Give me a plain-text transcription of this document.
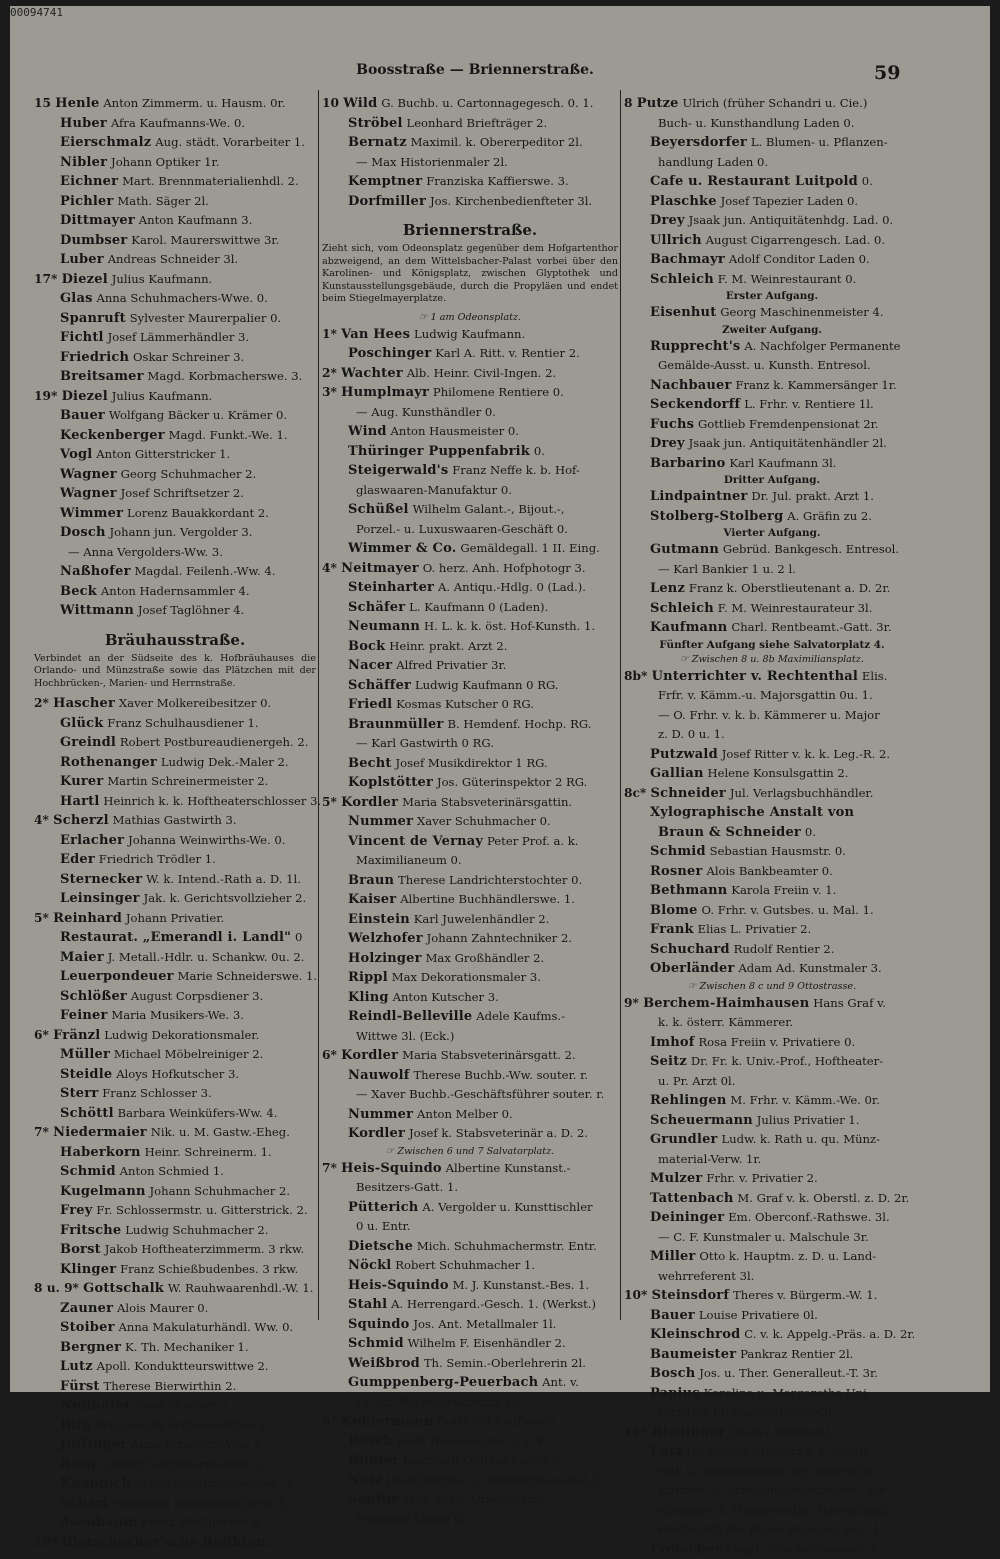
00094741
Boosstraße — Briennerstraße.	59
15 Henle Anton Zimmerm. u. Hausm. 0r.
Huber Afra Kaufmanns-We. 0.
Eierschmalz Aug. städt. Vorarbeiter 1.
Nibler Johann Optiker 1r.
Eichner Mart. Brennmaterialienhdl. 2.
Pichler Math. Säger 2l.
Dittmayer Anton Kaufmann 3.
Dumbser Karol. Maurerswittwe 3r.
Luber Andreas Schneider 3l.
17* Diezel Julius Kaufmann.
Glas Anna Schuhmachers-Wwe. 0.
Spanruft Sylvester Maurerpalier 0.
Fichtl Josef Lämmerhändler 3.
Friedrich Oskar Schreiner 3.
Breitsamer Magd. Korbmacherswe. 3.
19* Diezel Julius Kaufmann.
Bauer Wolfgang Bäcker u. Krämer 0.
Keckenberger Magd. Funkt.-We. 1.
Vogl Anton Gitterstricker 1.
Wagner Georg Schuhmacher 2.
Wagner Josef Schriftsetzer 2.
Wimmer Lorenz Bauakkordant 2.
Dosch Johann jun. Vergolder 3.
— Anna Vergolders-Ww. 3.
Naßhofer Magdal. Feilenh.-Ww. 4.
Beck Anton Hadernsammler 4.
Wittmann Josef Taglöhner 4.
Bräuhausstraße.
Verbindet an der Südseite des k. Hofbräuhauses die Orlando- und Münzstraße sowie das Plätzchen mit der Hochbrücken-, Marien- und Herrnstraße.
2* Hascher Xaver Molkereibesitzer 0.
Glück Franz Schulhausdiener 1.
Greindl Robert Postbureaudienergeh. 2.
Rothenanger Ludwig Dek.-Maler 2.
Kurer Martin Schreinermeister 2.
Hartl Heinrich k. k. Hoftheaterschlosser 3.
4* Scherzl Mathias Gastwirth 3.
Erlacher Johanna Weinwirths-We. 0.
Eder Friedrich Trödler 1.
Sternecker W. k. Intend.-Rath a. D. 1l.
Leinsinger Jak. k. Gerichtsvollzieher 2.
5* Reinhard Johann Privatier.
Restaurat. „Emerandl i. Landl" 0
Maier J. Metall.-Hdlr. u. Schankw. 0u. 2.
Leuerpondeuer Marie Schneiderswe. 1.
Schlößer August Corpsdiener 3.
Feiner Maria Musikers-We. 3.
6* Fränzl Ludwig Dekorationsmaler.
Müller Michael Möbelreiniger 2.
Steidle Aloys Hofkutscher 3.
Sterr Franz Schlosser 3.
Schöttl Barbara Weinküfers-Ww. 4.
7* Niedermaier Nik. u. M. Gastw.-Eheg.
Haberkorn Heinr. Schreinerm. 1.
Schmid Anton Schmied 1.
Kugelmann Johann Schuhmacher 2.
Frey Fr. Schlossermstr. u. Gitterstrick. 2.
Fritsche Ludwig Schuhmacher 2.
Borst Jakob Hoftheaterzimmerm. 3 rkw.
Klinger Franz Schießbudenbes. 3 rkw.
8 u. 9* Gottschalk W. Rauhwaarenhdl.-W. 1.
Zauner Alois Maurer 0.
Stoiber Anna Makulaturhändl. Ww. 0.
Bergner K. Th. Mechaniker 1.
Lutz Apoll. Konduktteurswittwe 2.
Fürst Therese Bierwirthin 2.
Nunhofer Josef Musiker 2.
Illig Margaretha Hafnerswittwe 2.
Juffinger Anna Privatiers-Ww. 2.
Berg Ludwig Schreinermeister 2.
Knappich Marie Schuhmacherswe. 3.
Scharl Franziska Blumenmacherin 3.
Asenbaum Franz Weißgerber 4.
10* Bletschacher'sche Relikten.
10 Wild G. Buchb. u. Cartonnagegesch. 0. 1.
Ströbel Leonhard Briefträger 2.
Bernatz Maximil. k. Obererpeditor 2l.
— Max Historienmaler 2l.
Kemptner Franziska Kaffierswe. 3.
Dorfmiller Jos. Kirchenbedienfteter 3l.
Briennerstraße.
Zieht sich, vom Odeonsplatz gegenüber dem Hofgartenthor abzweigend, an dem Wittelsbacher-Palast vorbei über den Karolinen- und Königsplatz, zwischen Glyptothek und Kunstausstellungsgebäude, durch die Propyläen und endet beim Stiegelmayerplatze.
☞ 1 am Odeonsplatz.
1* Van Hees Ludwig Kaufmann.
Poschinger Karl A. Ritt. v. Rentier 2.
2* Wachter Alb. Heinr. Civil-Ingen. 2.
3* Humplmayr Philomene Rentiere 0.
— Aug. Kunsthändler 0.
Wind Anton Hausmeister 0.
Thüringer Puppenfabrik 0.
Steigerwald's Franz Neffe k. b. Hof-
glaswaaren-Manufaktur 0.
Schüßel Wilhelm Galant.-, Bijout.-,
Porzel.- u. Luxuswaaren-Geschäft 0.
Wimmer & Co. Gemäldegall. 1 II. Eing.
4* Neitmayer O. herz. Anh. Hofphotogr 3.
Steinharter A. Antiqu.-Hdlg. 0 (Lad.).
Schäfer L. Kaufmann 0 (Laden).
Neumann H. L. k. k. öst. Hof-Kunsth. 1.
Bock Heinr. prakt. Arzt 2.
Nacer Alfred Privatier 3r.
Schäffer Ludwig Kaufmann 0 RG.
Friedl Kosmas Kutscher 0 RG.
Braunmüller B. Hemdenf. Hochp. RG.
— Karl Gastwirth 0 RG.
Becht Josef Musikdirektor 1 RG.
Koplstötter Jos. Güterinspektor 2 RG.
5* Kordler Maria Stabsveterinärsgattin.
Nummer Xaver Schuhmacher 0.
Vincent de Vernay Peter Prof. a. k.
Maximilianeum 0.
Braun Therese Landrichterstochter 0.
Kaiser Albertine Buchhändlerswe. 1.
Einstein Karl Juwelenhändler 2.
Welzhofer Johann Zahntechniker 2.
Holzinger Max Großhändler 2.
Rippl Max Dekorationsmaler 3.
Kling Anton Kutscher 3.
Reindl-Belleville Adele Kaufms.-
Wittwe 3l. (Eck.)
6* Kordler Maria Stabsveterinärsgatt. 2.
Nauwolf Therese Buchb.-Ww. souter. r.
— Xaver Buchb.-Geschäftsführer souter. r.
Nummer Anton Melber 0.
Kordler Josef k. Stabsveterinär a. D. 2.
☞ Zwischen 6 und 7 Salvatorplatz.
7* Heis-Squindo Albertine Kunstanst.-
Besitzers-Gatt. 1.
Pütterich A. Vergolder u. Kunsttischler
0 u. Entr.
Dietsche Mich. Schuhmachermstr. Entr.
Nöckl Robert Schuhmacher 1.
Heis-Squindo M. J. Kunstanst.-Bes. 1.
Stahl A. Herrengard.-Gesch. 1. (Werkst.)
Squindo Jos. Ant. Metallmaler 1l.
Schmid Wilhelm F. Eisenhändler 2.
Weißbrod Th. Semin.-Oberlehrerin 2l.
Gumppenberg-Peuerbach Ant. v.
Dr. jur. Rechtspraktikant 2l.
8* Kohlermann Gottfried Kaufmann.
Rösch Josef Hausmeister 0. 1. E.
Bühler Leonhard Optiker Laden 0.
Netz Josef Herren- u. Damenfriseur-Sal. 0.
Sanfue Jean Bazar Oriental und
Espagnol Laden 0.
8 Putze Ulrich (früher Schandri u. Cie.)
Buch- u. Kunsthandlung Laden 0.
Beyersdorfer L. Blumen- u. Pflanzen-
handlung Laden 0.
Cafe u. Restaurant Luitpold 0.
Plaschke Josef Tapezier Laden 0.
Drey Jsaak jun. Antiquitätenhdg. Lad. 0.
Ullrich August Cigarrengesch. Lad. 0.
Bachmayr Adolf Conditor Laden 0.
Schleich F. M. Weinrestaurant 0.
Erster Aufgang.
Eisenhut Georg Maschinenmeister 4.
Zweiter Aufgang.
Rupprecht's A. Nachfolger Permanente
Gemälde-Ausst. u. Kunsth. Entresol.
Nachbauer Franz k. Kammersänger 1r.
Seckendorff L. Frhr. v. Rentiere 1l.
Fuchs Gottlieb Fremdenpensionat 2r.
Drey Jsaak jun. Antiquitätenhändler 2l.
Barbarino Karl Kaufmann 3l.
Dritter Aufgang.
Lindpaintner Dr. Jul. prakt. Arzt 1.
Stolberg-Stolberg A. Gräfin zu 2.
Vierter Aufgang.
Gutmann Gebrüd. Bankgesch. Entresol.
— Karl Bankier 1 u. 2 l.
Lenz Franz k. Oberstlieutenant a. D. 2r.
Schleich F. M. Weinrestaurateur 3l.
Kaufmann Charl. Rentbeamt.-Gatt. 3r.
Fünfter Aufgang siehe Salvatorplatz 4.
☞ Zwischen 8 u. 8b Maximiliansplatz.
8b* Unterrichter v. Rechtenthal Elis.
Frfr. v. Kämm.-u. Majorsgattin 0u. 1.
— O. Frhr. v. k. b. Kämmerer u. Major
z. D. 0 u. 1.
Putzwald Josef Ritter v. k. k. Leg.-R. 2.
Gallian Helene Konsulsgattin 2.
8c* Schneider Jul. Verlagsbuchhändler.
Xylographische Anstalt von
Braun & Schneider 0.
Schmid Sebastian Hausmstr. 0.
Rosner Alois Bankbeamter 0.
Bethmann Karola Freiin v. 1.
Blome O. Frhr. v. Gutsbes. u. Mal. 1.
Frank Elias L. Privatier 2.
Schuchard Rudolf Rentier 2.
Oberländer Adam Ad. Kunstmaler 3.
☞ Zwischen 8 c und 9 Ottostrasse.
9* Berchem-Haimhausen Hans Graf v.
k. k. österr. Kämmerer.
Imhof Rosa Freiin v. Privatiere 0.
Seitz Dr. Fr. k. Univ.-Prof., Hoftheater-
u. Pr. Arzt 0l.
Rehlingen M. Frhr. v. Kämm.-We. 0r.
Scheuermann Julius Privatier 1.
Grundler Ludw. k. Rath u. qu. Münz-
material-Verw. 1r.
Mulzer Frhr. v. Privatier 2.
Tattenbach M. Graf v. k. Oberstl. z. D. 2r.
Deininger Em. Oberconf.-Rathswe. 3l.
— C. F. Kunstmaler u. Malschule 3r.
Miller Otto k. Hauptm. z. D. u. Land-
wehrreferent 3l.
10* Steinsdorf Theres v. Bürgerm.-W. 1.
Bauer Louise Privatiere 0l.
Kleinschrod C. v. k. Appelg.-Präs. a. D. 2r.
Baumeister Pankraz Rentier 2l.
Bosch Jos. u. Ther. Generalleut.-T. 3r.
Papius Karolina u. Margaretha Uni-
versitäts-Professorstöchter 3l.
11* Riedinger Gustav Fabrikant.
Lutz Dr. Johann Freiherr v. k. Staats-
rath u. Staatsminister des Innern für
Kirchen- u. Schulangelegenheiten, Vor-
sitzender d. Ministerraths, lebenslängl.
Reichsrath der Krone Bayerns, Exc. 1.
Fretscher Magd. Wundarztenswe. 2.
